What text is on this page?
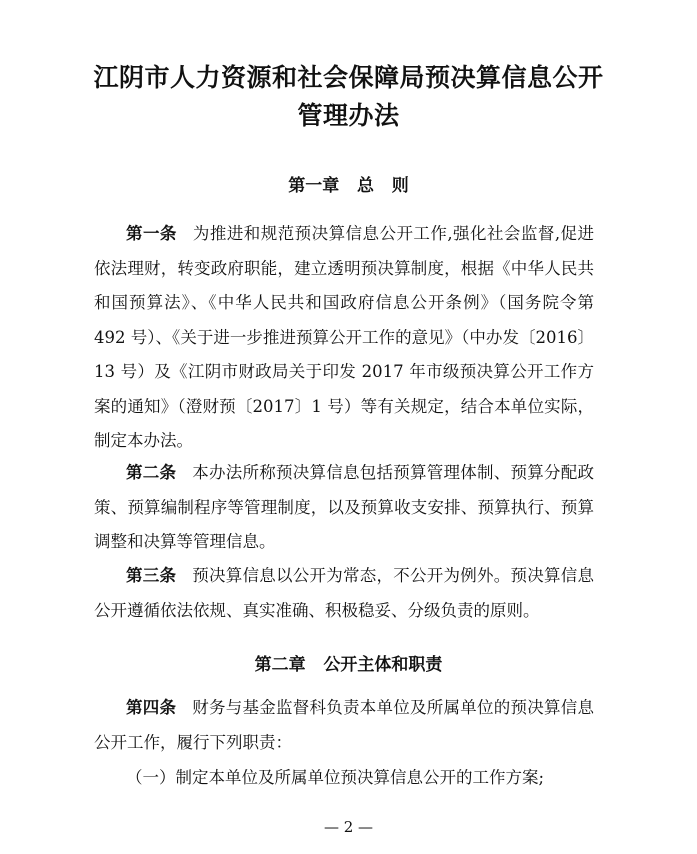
江阴市人力资源和社会保障局预决算信息公开
管理办法
第一章   总   则

第一条 为推进和规范预决算信息公开工作,强化社会监督,促进依法理财，转变政府职能，建立透明预决算制度，根据《中华人民共和国预算法》、《中华人民共和国政府信息公开条例》（国务院令第 492 号）、《关于进一步推进预算公开工作的意见》（中办发〔2016〕13 号）及《江阴市财政局关于印发 2017 年市级预决算公开工作方案的通知》（澄财预〔2017〕1 号）等有关规定，结合本单位实际，制定本办法。

第二条 本办法所称预决算信息包括预算管理体制、预算分配政策、预算编制程序等管理制度，以及预算收支安排、预算执行、预算调整和决算等管理信息。

第三条 预决算信息以公开为常态，不公开为例外。预决算信息公开遵循依法依规、真实准确、积极稳妥、分级负责的原则。

第二章   公开主体和职责

第四条 财务与基金监督科负责本单位及所属单位的预决算信息公开工作，履行下列职责：

（一）制定本单位及所属单位预决算信息公开的工作方案;

— 2 —
